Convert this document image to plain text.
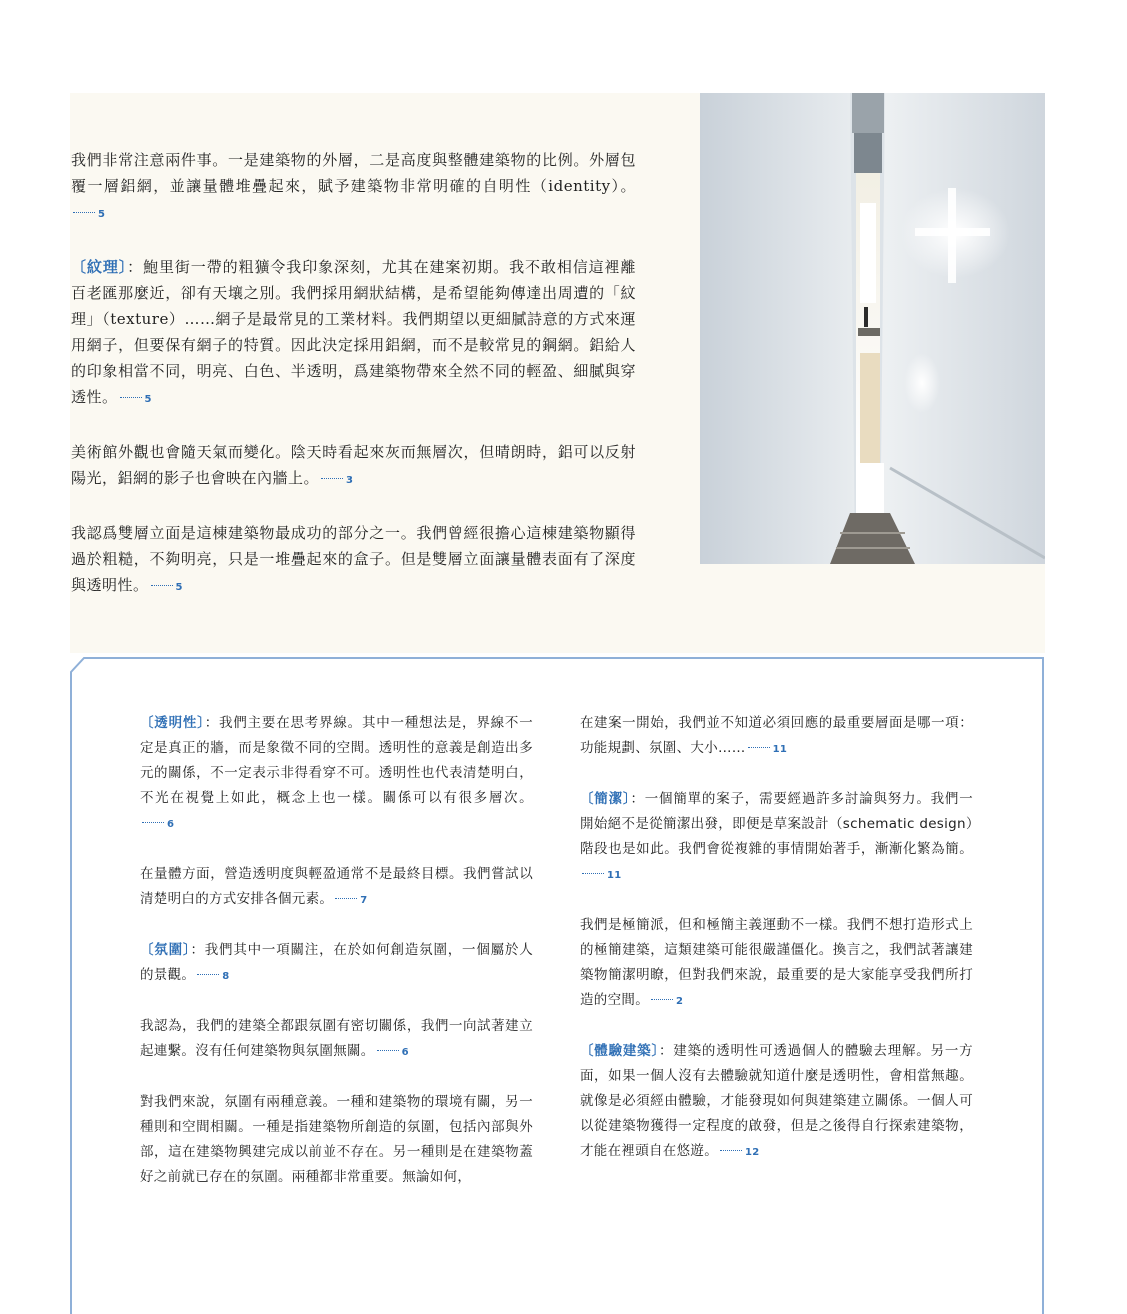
我們非常注意兩件事。一是建築物的外層，二是高度與整體建築物的比例。外層包覆一層鋁網，並讓量體堆疊起來，賦予建築物非常明確的自明性（identity）。5

〔紋理〕：鮑里街一帶的粗獷令我印象深刻，尤其在建案初期。我不敢相信這裡離百老匯那麼近，卻有天壤之別。我們採用網狀結構，是希望能夠傳達出周遭的「紋理」（texture）……網子是最常見的工業材料。我們期望以更細膩詩意的方式來運用網子，但要保有網子的特質。因此決定採用鋁網，而不是較常見的鋼網。鋁給人的印象相當不同，明亮、白色、半透明，爲建築物帶來全然不同的輕盈、細膩與穿透性。	5

美術館外觀也會隨天氣而變化。陰天時看起來灰而無層次，但晴朗時，鋁可以反射陽光，鋁網的影子也會映在內牆上。	3

我認爲雙層立面是這棟建築物最成功的部分之一。我們曾經很擔心這棟建築物顯得過於粗糙，不夠明亮，只是一堆疊起來的盒子。但是雙層立面讓量體表面有了深度與透明性。	5

〔透明性〕：我們主要在思考界線。其中一種想法是，界線不一定是真正的牆，而是象徵不同的空間。透明性的意義是創造出多元的關係，不一定表示非得看穿不可。透明性也代表清楚明白，不光在視覺上如此，概念上也一樣。關係可以有很多層次。6

在量體方面，營造透明度與輕盈通常不是最終目標。我們嘗試以清楚明白的方式安排各個元素。	7

〔氛圍〕：我們其中一項關注，在於如何創造氛圍，一個屬於人的景觀。	8

我認為，我們的建築全都跟氛圍有密切關係，我們一向試著建立起連繫。沒有任何建築物與氛圍無關。	6

對我們來說，氛圍有兩種意義。一種和建築物的環境有關，另一種則和空間相關。一種是指建築物所創造的氛圍，包括內部與外部，這在建築物興建完成以前並不存在。另一種則是在建築物蓋好之前就已存在的氛圍。兩種都非常重要。無論如何，

在建案一開始，我們並不知道必須回應的最重要層面是哪一項：功能規劃、氛圍、大小……	11

〔簡潔〕：一個簡單的案子，需要經過許多討論與努力。我們一開始絕不是從簡潔出發，即便是草案設計（schematic design）階段也是如此。我們會從複雜的事情開始著手，漸漸化繁為簡。11

我們是極簡派，但和極簡主義運動不一樣。我們不想打造形式上的極簡建築，這類建築可能很嚴謹僵化。換言之，我們試著讓建築物簡潔明瞭，但對我們來說，最重要的是大家能享受我們所打造的空間。	2

〔體驗建築〕：建築的透明性可透過個人的體驗去理解。另一方面，如果一個人沒有去體驗就知道什麼是透明性，會相當無趣。就像是必須經由體驗，才能發現如何與建築建立關係。一個人可以從建築物獲得一定程度的啟發，但是之後得自行探索建築物，才能在裡頭自在悠遊。	12
